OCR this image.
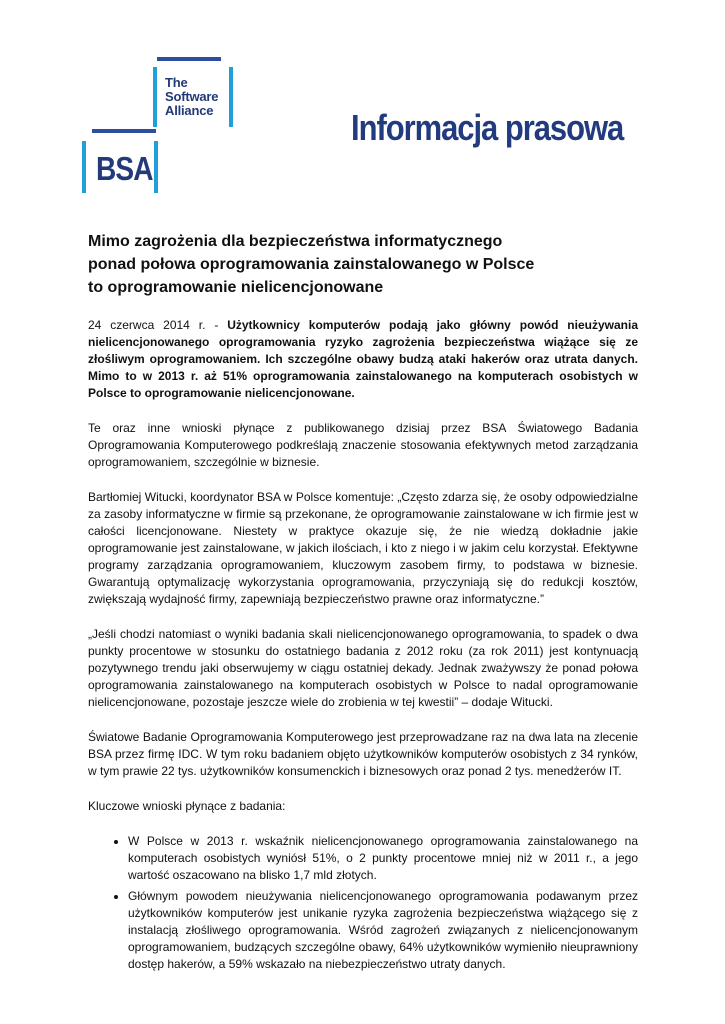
The
Software
Alliance
BSA
Informacja prasowa
Mimo zagrożenia dla bezpieczeństwa informatycznego
ponad połowa oprogramowania zainstalowanego w Polsce
to oprogramowanie nielicencjonowane

24 czerwca 2014 r. - Użytkownicy komputerów podają jako główny powód nieużywania nielicencjonowanego oprogramowania ryzyko zagrożenia bezpieczeństwa wiążące się ze złośliwym oprogramowaniem. Ich szczególne obawy budzą ataki hakerów oraz utrata danych. Mimo to w 2013 r. aż 51% oprogramowania zainstalowanego na komputerach osobistych w Polsce to oprogramowanie nielicencjonowane.

Te oraz inne wnioski płynące z publikowanego dzisiaj przez BSA Światowego Badania Oprogramowania Komputerowego podkreślają znaczenie stosowania efektywnych metod zarządzania oprogramowaniem, szczególnie w biznesie.

Bartłomiej Witucki, koordynator BSA w Polsce komentuje: „Często zdarza się, że osoby odpowiedzialne za zasoby informatyczne w firmie są przekonane, że oprogramowanie zainstalowane w ich firmie jest w całości licencjonowane. Niestety w praktyce okazuje się, że nie wiedzą dokładnie jakie oprogramowanie jest zainstalowane, w jakich ilościach, i kto z niego i w jakim celu korzystał. Efektywne programy zarządzania oprogramowaniem, kluczowym zasobem firmy, to podstawa w biznesie. Gwarantują optymalizację wykorzystania oprogramowania, przyczyniają się do redukcji kosztów, zwiększają wydajność firmy, zapewniają bezpieczeństwo prawne oraz informatyczne.”

„Jeśli chodzi natomiast o wyniki badania skali nielicencjonowanego oprogramowania, to spadek o dwa punkty procentowe w stosunku do ostatniego badania z 2012 roku (za rok 2011) jest kontynuacją pozytywnego trendu jaki obserwujemy w ciągu ostatniej dekady. Jednak zważywszy że ponad połowa oprogramowania zainstalowanego na komputerach osobistych w Polsce to nadal oprogramowanie nielicencjonowane, pozostaje jeszcze wiele do zrobienia w tej kwestii” – dodaje Witucki.

Światowe Badanie Oprogramowania Komputerowego jest przeprowadzane raz na dwa lata na zlecenie BSA przez firmę IDC. W tym roku badaniem objęto użytkowników komputerów osobistych z 34 rynków, w tym prawie 22 tys. użytkowników konsumenckich i biznesowych oraz ponad 2 tys. menedżerów IT.

Kluczowe wnioski płynące z badania:

• W Polsce w 2013 r. wskaźnik nielicencjonowanego oprogramowania zainstalowanego na komputerach osobistych wyniósł 51%, o 2 punkty procentowe mniej niż w 2011 r., a jego wartość oszacowano na blisko 1,7 mld złotych.
• Głównym powodem nieużywania nielicencjonowanego oprogramowania podawanym przez użytkowników komputerów jest unikanie ryzyka zagrożenia bezpieczeństwa wiążącego się z instalacją złośliwego oprogramowania. Wśród zagrożeń związanych z nielicencjonowanym oprogramowaniem, budzących szczególne obawy, 64% użytkowników wymieniło nieuprawniony dostęp hakerów, a 59% wskazało na niebezpieczeństwo utraty danych.
